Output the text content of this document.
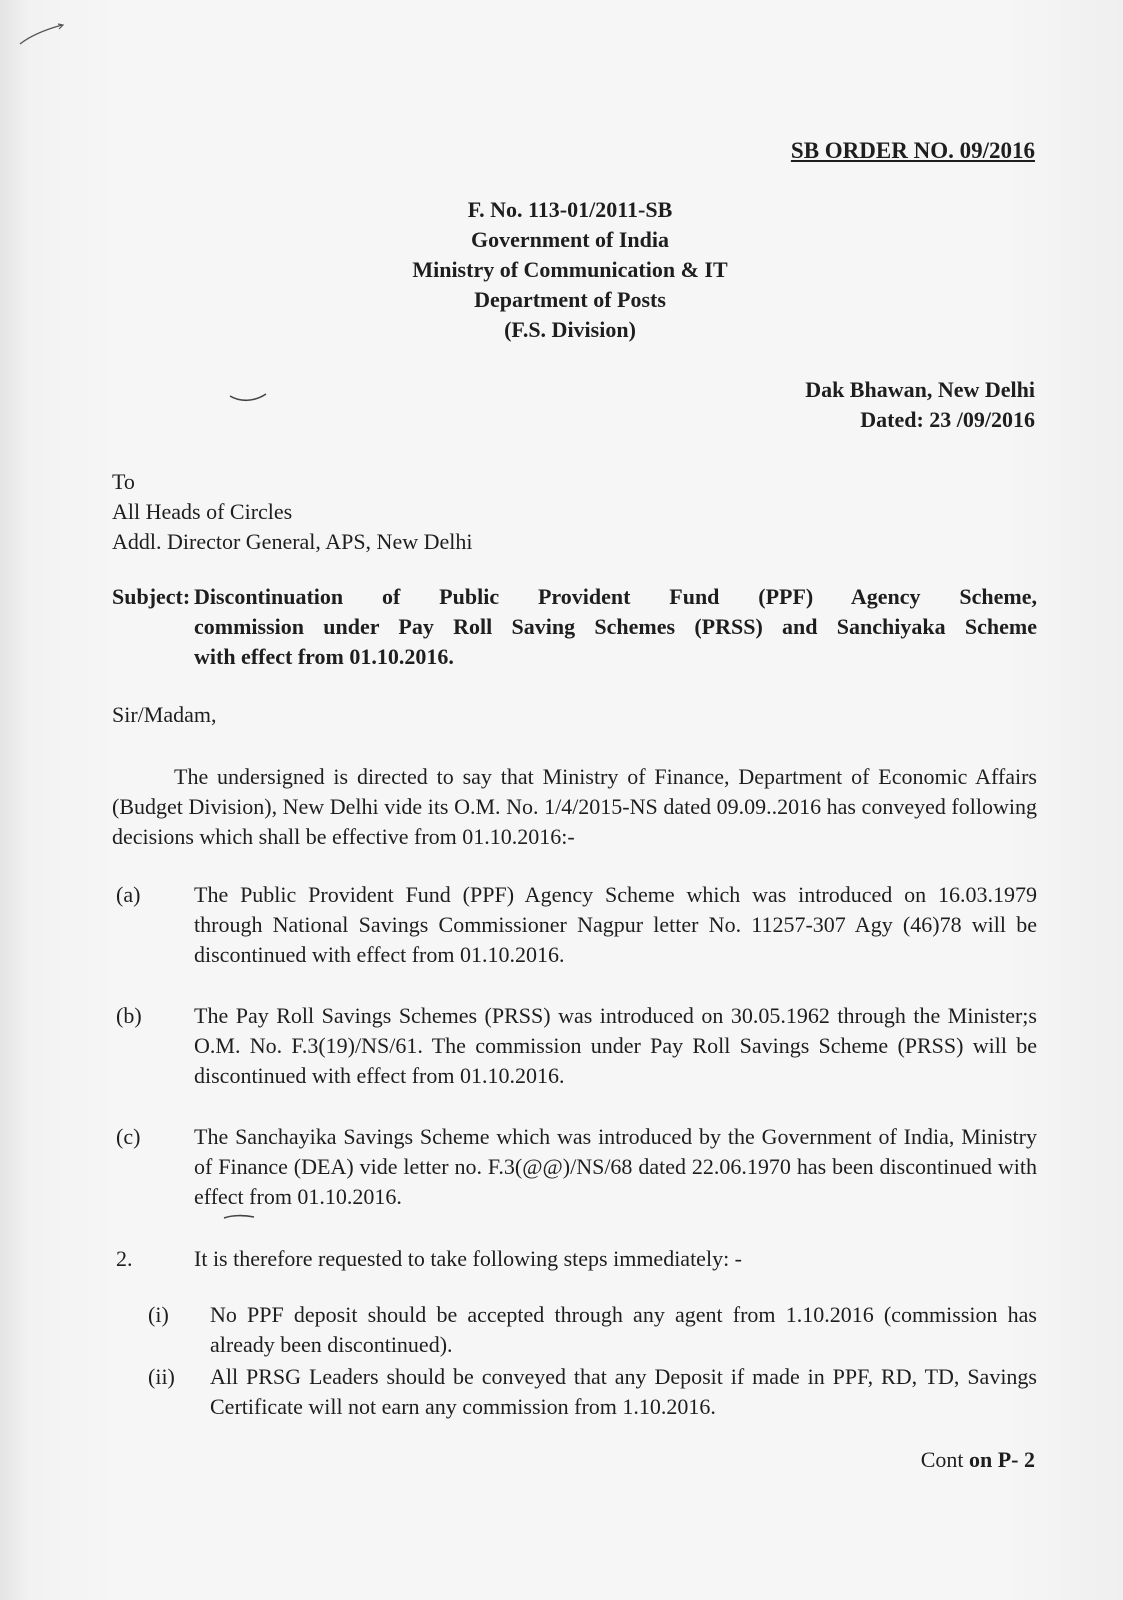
SB ORDER NO. 09/2016
F. No. 113-01/2011-SB
Government of India
Ministry of Communication & IT
Department of Posts
(F.S. Division)
Dak Bhawan, New Delhi
Dated: 23 /09/2016
To
All Heads of Circles
Addl. Director General, APS, New Delhi
Subject: Discontinuation of Public Provident Fund (PPF) Agency Scheme,
commission under Pay Roll Saving Schemes (PRSS) and Sanchiyaka Scheme
with effect from 01.10.2016.
Sir/Madam,
The undersigned is directed to say that Ministry of Finance, Department of Economic Affairs (Budget Division), New Delhi vide its O.M. No. 1/4/2015-NS dated 09.09..2016 has conveyed following decisions which shall be effective from 01.10.2016:-
(a) The Public Provident Fund (PPF) Agency Scheme which was introduced on 16.03.1979 through National Savings Commissioner Nagpur letter No. 11257-307 Agy (46)78 will be discontinued with effect from 01.10.2016.
(b) The Pay Roll Savings Schemes (PRSS) was introduced on 30.05.1962 through the Minister;s O.M. No. F.3(19)/NS/61. The commission under Pay Roll Savings Scheme (PRSS) will be discontinued with effect from 01.10.2016.
(c) The Sanchayika Savings Scheme which was introduced by the Government of India, Ministry of Finance (DEA) vide letter no. F.3(@@)/NS/68 dated 22.06.1970 has been discontinued with effect from 01.10.2016.
2.	It is therefore requested to take following steps immediately: -
(i) No PPF deposit should be accepted through any agent from 1.10.2016 (commission has already been discontinued).
(ii) All PRSG Leaders should be conveyed that any Deposit if made in PPF, RD, TD, Savings Certificate will not earn any commission from 1.10.2016.
Cont on P- 2
